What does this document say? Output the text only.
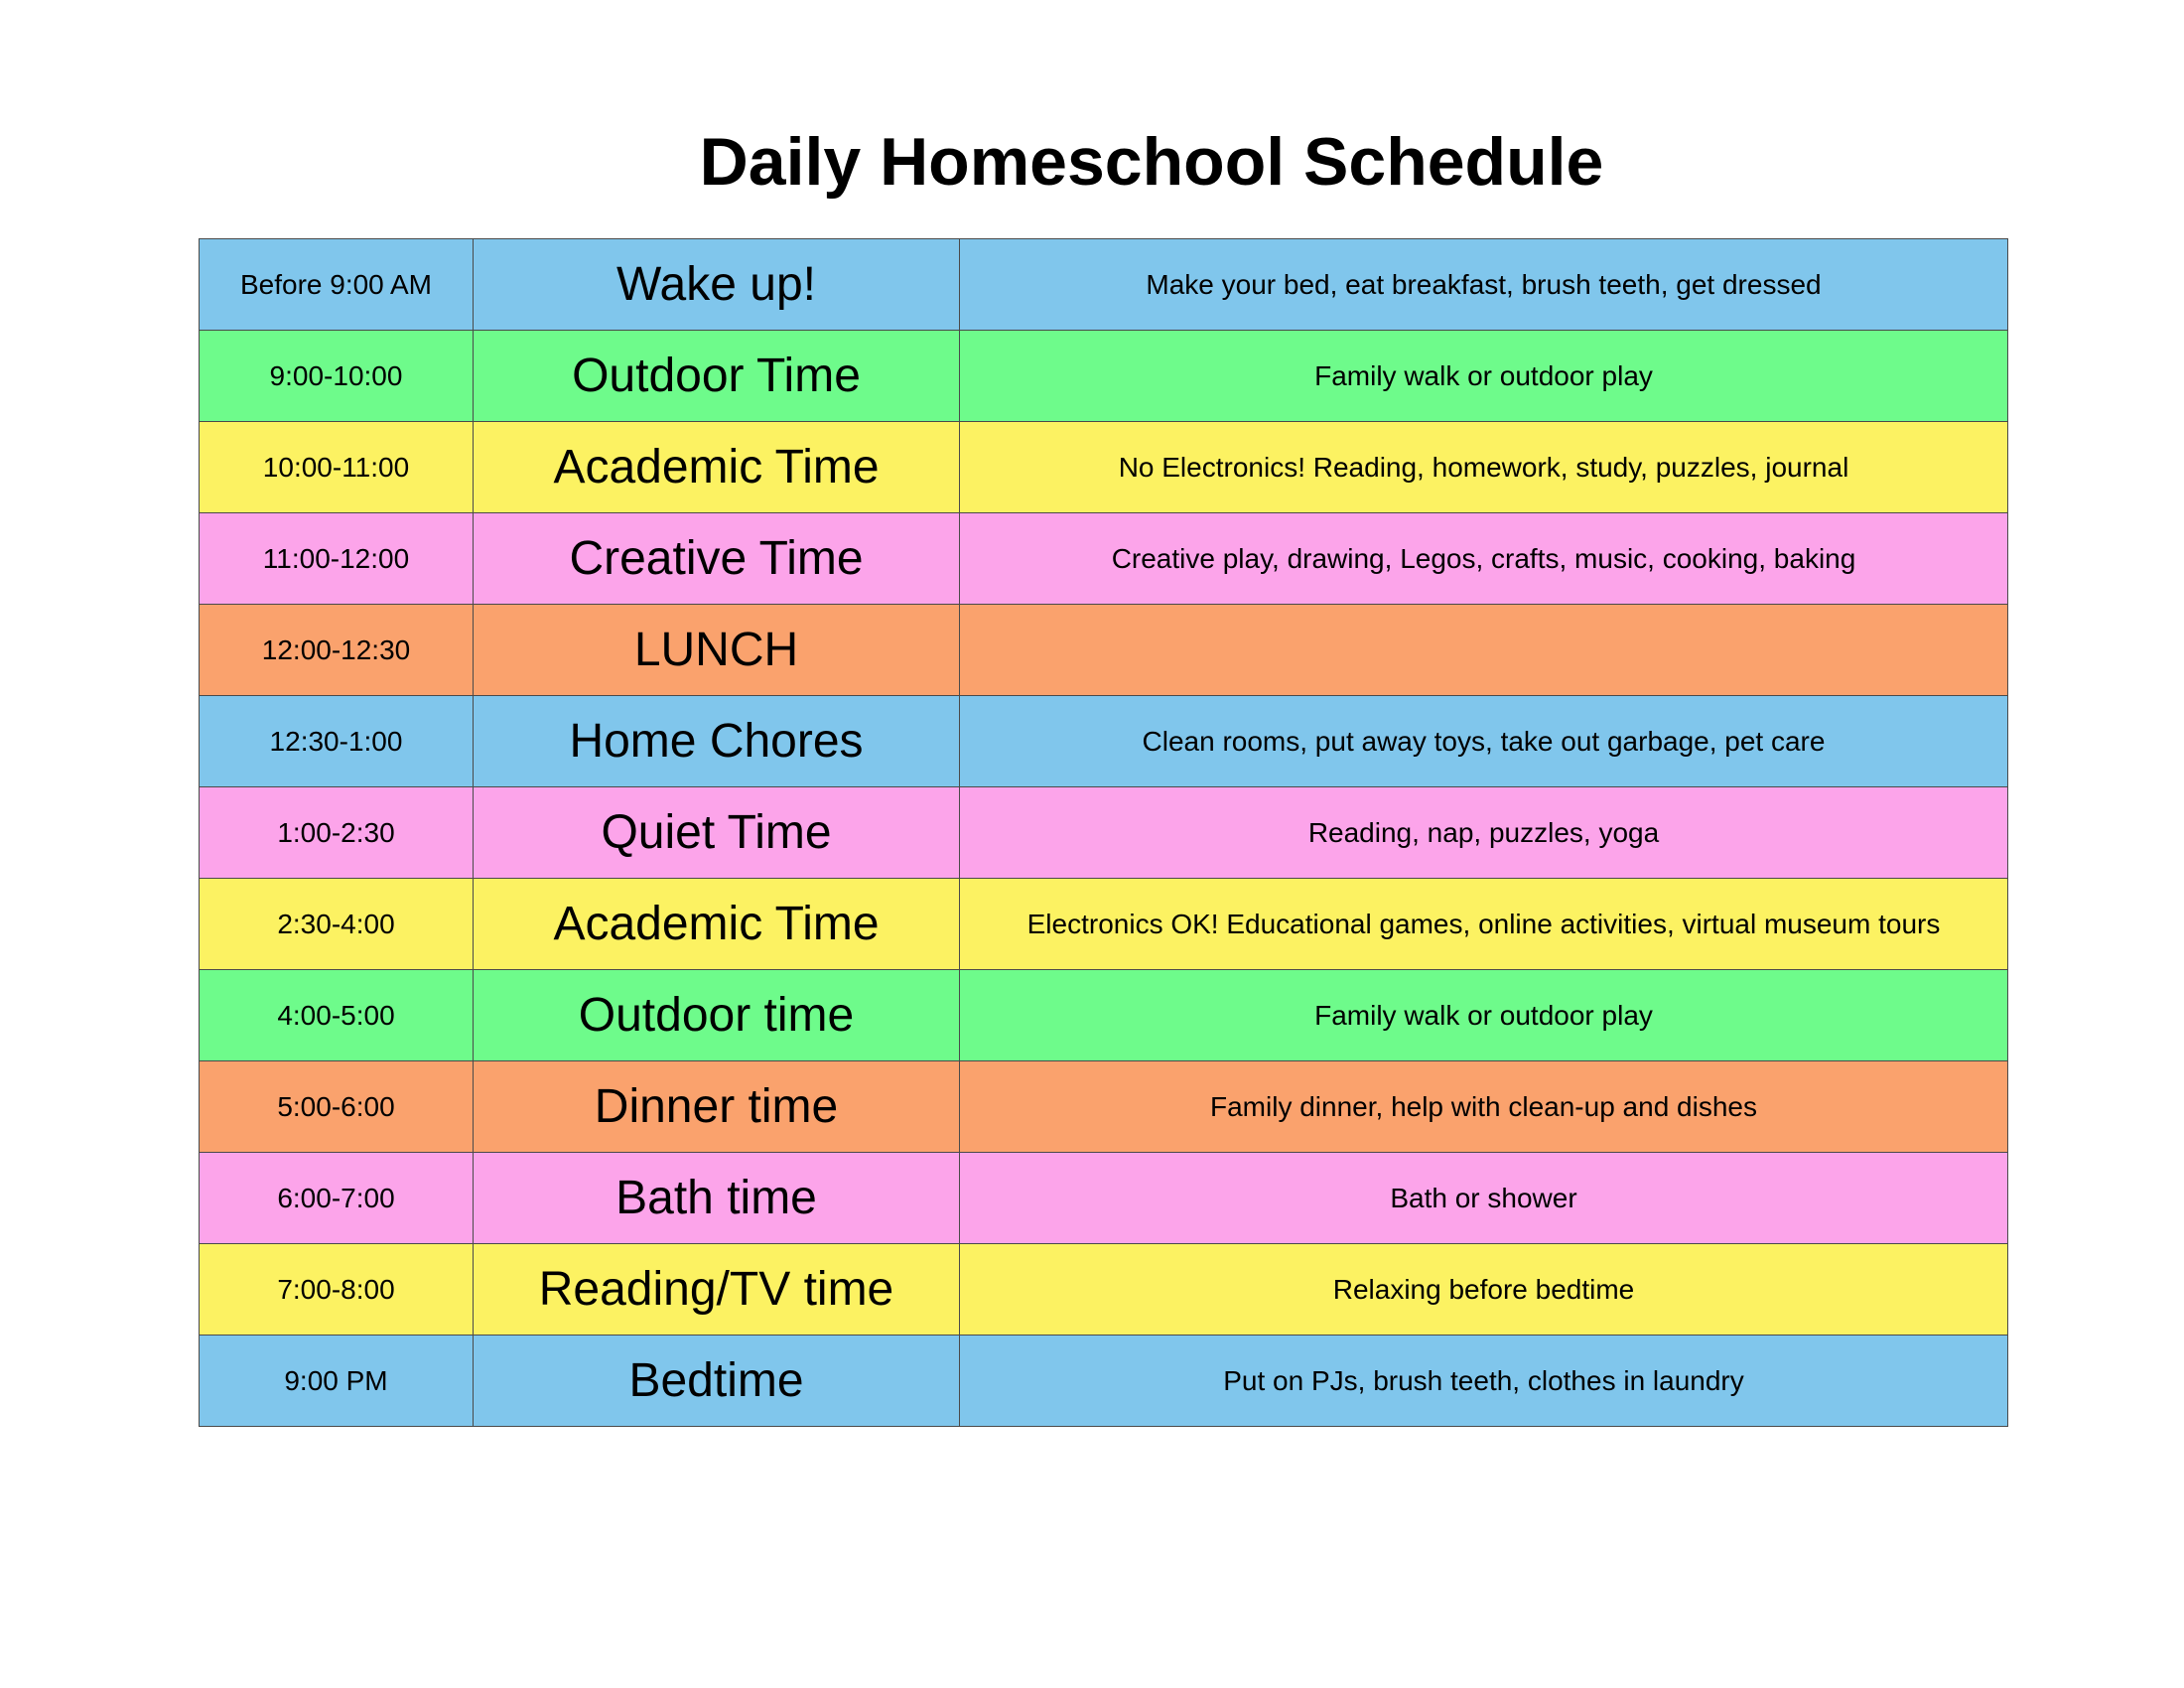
Daily Homeschool Schedule
Before 9:00 AM	Wake up!	Make your bed, eat breakfast, brush teeth, get dressed
9:00-10:00	Outdoor Time	Family walk or outdoor play
10:00-11:00	Academic Time	No Electronics! Reading, homework, study, puzzles, journal
11:00-12:00	Creative Time	Creative play, drawing, Legos, crafts, music, cooking, baking
12:00-12:30	LUNCH	
12:30-1:00	Home Chores	Clean rooms, put away toys, take out garbage, pet care
1:00-2:30	Quiet Time	Reading, nap, puzzles, yoga
2:30-4:00	Academic Time	Electronics OK! Educational games, online activities, virtual museum tours
4:00-5:00	Outdoor time	Family walk or outdoor play
5:00-6:00	Dinner time	Family dinner, help with clean-up and dishes
6:00-7:00	Bath time	Bath or shower
7:00-8:00	Reading/TV time	Relaxing before bedtime
9:00 PM	Bedtime	Put on PJs, brush teeth, clothes in laundry
